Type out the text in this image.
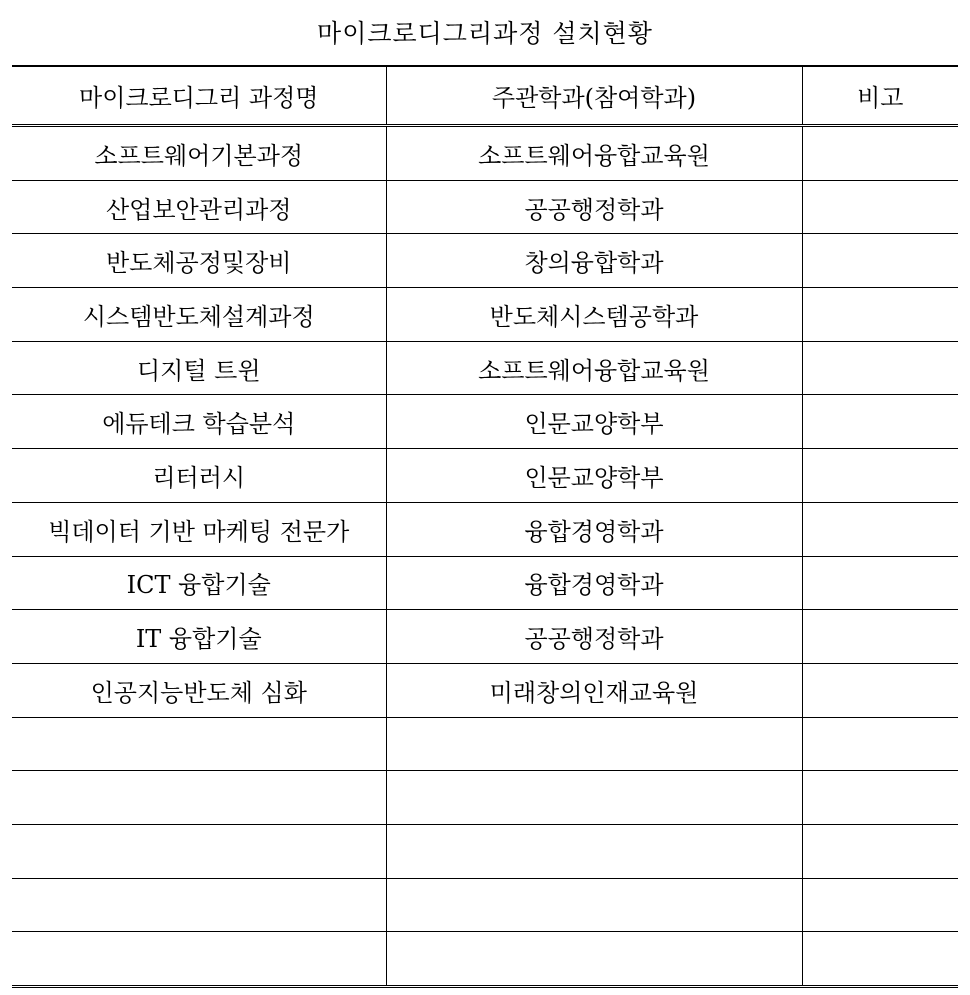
마이크로디그리과정 설치현황
마이크로디그리 과정명	주관학과(참여학과)	비고
소프트웨어기본과정	소프트웨어융합교육원	
산업보안관리과정	공공행정학과	
반도체공정및장비	창의융합학과	
시스템반도체설계과정	반도체시스템공학과	
디지털 트윈	소프트웨어융합교육원	
에듀테크 학습분석	인문교양학부	
리터러시	인문교양학부	
빅데이터 기반 마케팅 전문가	융합경영학과	
ICT 융합기술	융합경영학과	
IT 융합기술	공공행정학과	
인공지능반도체 심화	미래창의인재교육원	
